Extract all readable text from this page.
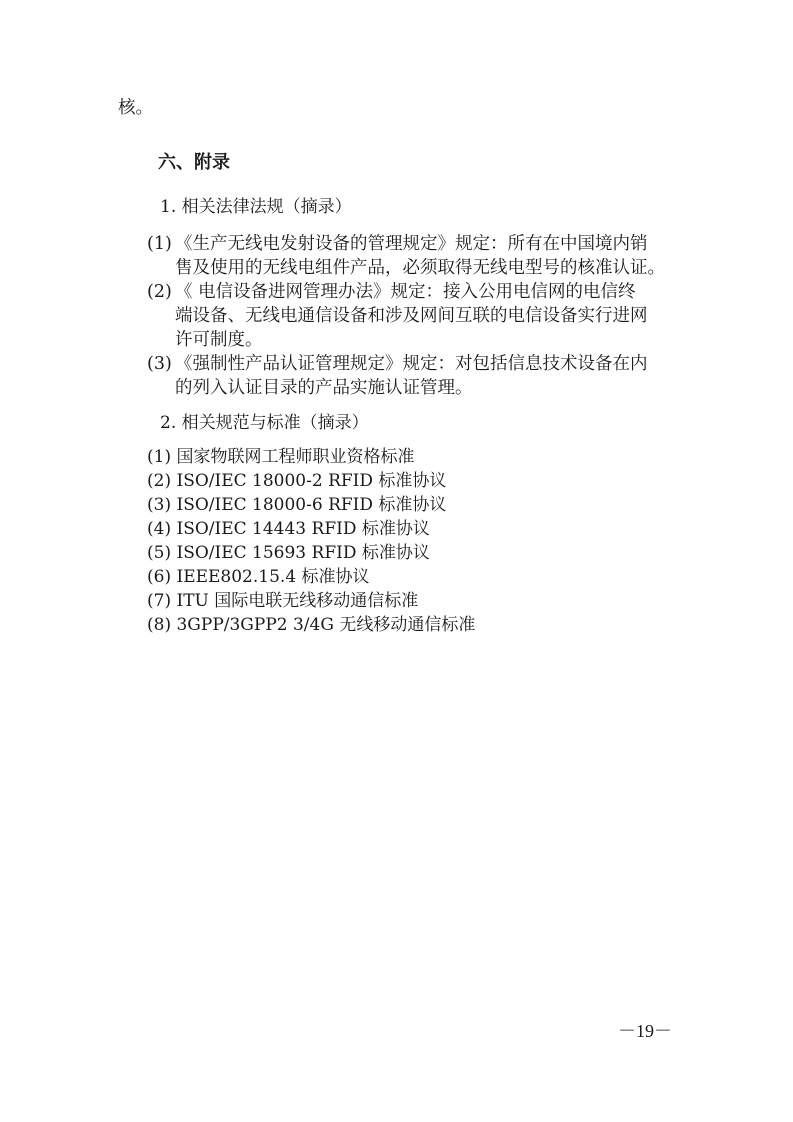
核。
六、附录
1. 相关法律法规（摘录）
(1) 《生产无线电发射设备的管理规定》规定：所有在中国境内销
售及使用的无线电组件产品，必须取得无线电型号的核准认证。
(2) 《 电信设备进网管理办法》规定：接入公用电信网的电信终
端设备、无线电通信设备和涉及网间互联的电信设备实行进网
许可制度。
(3) 《强制性产品认证管理规定》规定：对包括信息技术设备在内
的列入认证目录的产品实施认证管理。
2. 相关规范与标准（摘录）
(1) 国家物联网工程师职业资格标准
(2) ISO/IEC 18000-2 RFID 标准协议
(3) ISO/IEC 18000-6 RFID 标准协议
(4) ISO/IEC 14443 RFID 标准协议
(5) ISO/IEC 15693 RFID 标准协议
(6) IEEE802.15.4 标准协议
(7) ITU 国际电联无线移动通信标准
(8) 3GPP/3GPP2 3/4G 无线移动通信标准
－19－
